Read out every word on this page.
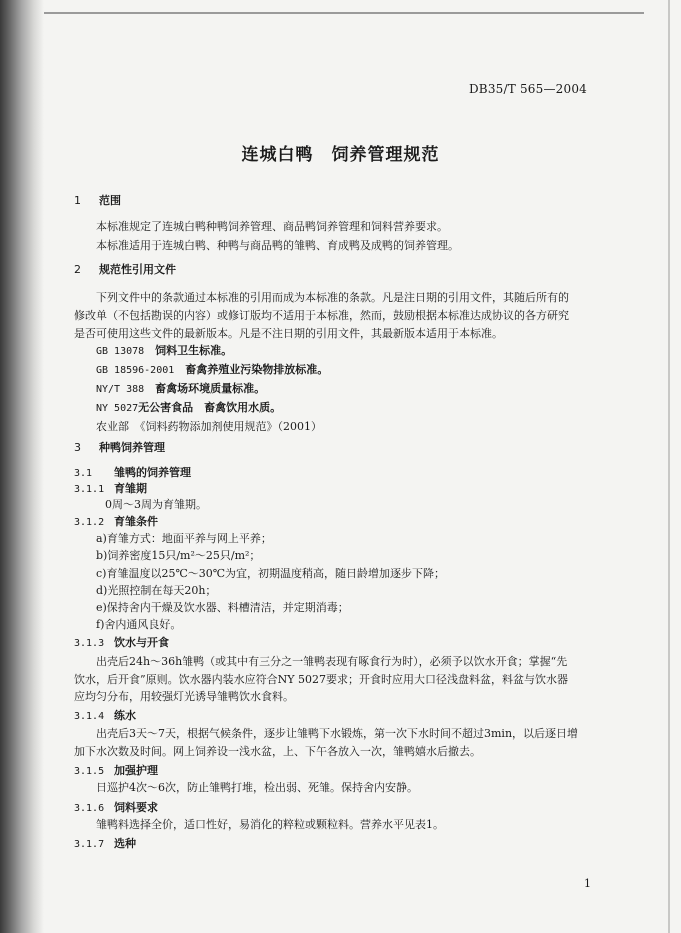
DB35/T 565—2004
连城白鸭　饲养管理规范
1　 范围
本标准规定了连城白鸭种鸭饲养管理、商品鸭饲养管理和饲料营养要求。
本标准适用于连城白鸭、种鸭与商品鸭的雏鸭、育成鸭及成鸭的饲养管理。
2　 规范性引用文件
下列文件中的条款通过本标准的引用而成为本标准的条款。凡是注日期的引用文件，其随后所有的
修改单（不包括勘误的内容）或修订版均不适用于本标准，然而，鼓励根据本标准达成协议的各方研究
是否可使用这些文件的最新版本。凡是不注日期的引用文件，其最新版本适用于本标准。
GB 13078　 饲料卫生标准。
GB 18596-2001　 畜禽养殖业污染物排放标准。
NY/T 388　 畜禽场环境质量标准。
NY 5027无公害食品　畜禽饮用水质。
农业部　 《饲料药物添加剂使用规范》（2001）
3　 种鸭饲养管理
3.1 雏鸭的饲养管理
3.1.1 育雏期
0周～3周为育雏期。
3.1.2 育雏条件
a)育雏方式：地面平养与网上平养；
b)饲养密度15只/m²～25只/m²；
c)育雏温度以25℃～30℃为宜，初期温度稍高，随日龄增加逐步下降；
d)光照控制在每天20h；
e)保持舍内干燥及饮水器、料槽清洁，并定期消毒；
f)舍内通风良好。
3.1.3 饮水与开食
出壳后24h～36h雏鸭（或其中有三分之一雏鸭表现有啄食行为时），必须予以饮水开食；掌握“先
饮水，后开食”原则。饮水器内装水应符合NY 5027要求；开食时应用大口径浅盘料盆，料盆与饮水器
应均匀分布，用较强灯光诱导雏鸭饮水食料。
3.1.4 练水
出壳后3天～7天，根据气候条件，逐步让雏鸭下水锻炼，第一次下水时间不超过3min，以后逐日增
加下水次数及时间。网上饲养设一浅水盆，上、下午各放入一次，雏鸭嬉水后撤去。
3.1.5 加强护理
日巡护4次～6次，防止雏鸭打堆，检出弱、死雏。保持舍内安静。
3.1.6 饲料要求
雏鸭料选择全价，适口性好，易消化的粹粒或颗粒料。营养水平见表1。
3.1.7 选种
1
